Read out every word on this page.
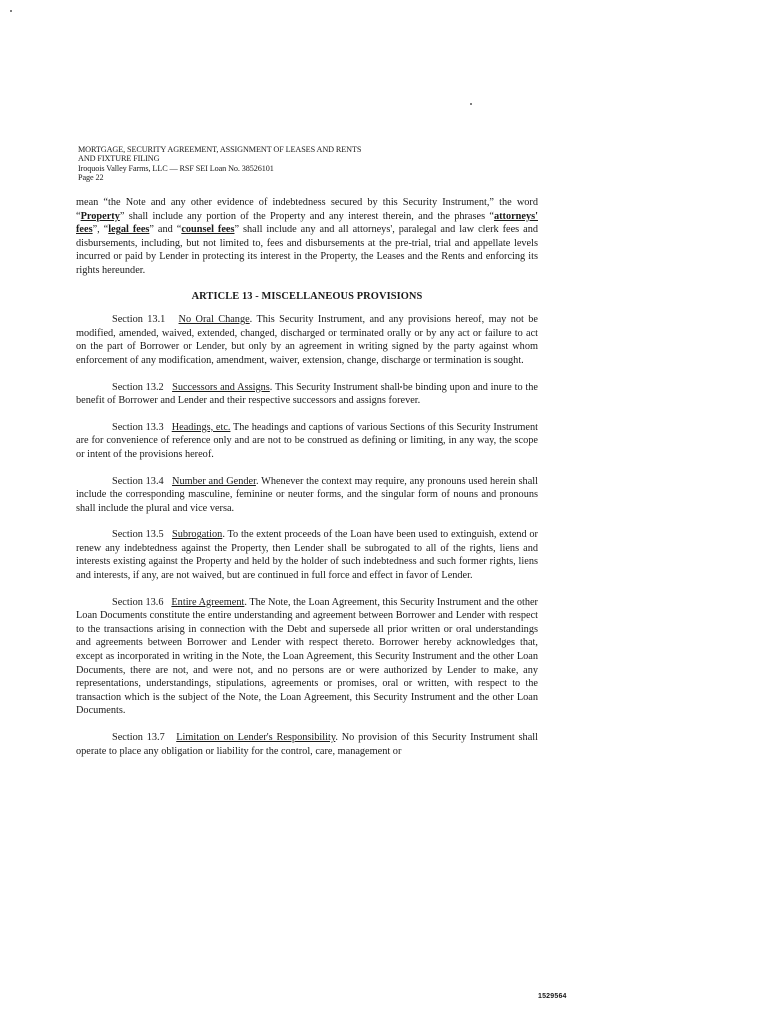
MORTGAGE, SECURITY AGREEMENT, ASSIGNMENT OF LEASES AND RENTS
AND FIXTURE FILING
Iroquois Valley Farms, LLC — RSF SEI Loan No. 38526101
Page 22

mean “the Note and any other evidence of indebtedness secured by this Security Instrument,” the word “Property” shall include any portion of the Property and any interest therein, and the phrases “attorneys' fees”, “legal fees” and “counsel fees” shall include any and all attorneys', paralegal and law clerk fees and disbursements, including, but not limited to, fees and disbursements at the pre-trial, trial and appellate levels incurred or paid by Lender in protecting its interest in the Property, the Leases and the Rents and enforcing its rights hereunder.

ARTICLE 13 - MISCELLANEOUS PROVISIONS

Section 13.1 No Oral Change. This Security Instrument, and any provisions hereof, may not be modified, amended, waived, extended, changed, discharged or terminated orally or by any act or failure to act on the part of Borrower or Lender, but only by an agreement in writing signed by the party against whom enforcement of any modification, amendment, waiver, extension, change, discharge or termination is sought.

Section 13.2 Successors and Assigns. This Security Instrument shall be binding upon and inure to the benefit of Borrower and Lender and their respective successors and assigns forever.

Section 13.3 Headings, etc. The headings and captions of various Sections of this Security Instrument are for convenience of reference only and are not to be construed as defining or limiting, in any way, the scope or intent of the provisions hereof.

Section 13.4 Number and Gender. Whenever the context may require, any pronouns used herein shall include the corresponding masculine, feminine or neuter forms, and the singular form of nouns and pronouns shall include the plural and vice versa.

Section 13.5 Subrogation. To the extent proceeds of the Loan have been used to extinguish, extend or renew any indebtedness against the Property, then Lender shall be subrogated to all of the rights, liens and interests existing against the Property and held by the holder of such indebtedness and such former rights, liens and interests, if any, are not waived, but are continued in full force and effect in favor of Lender.

Section 13.6 Entire Agreement. The Note, the Loan Agreement, this Security Instrument and the other Loan Documents constitute the entire understanding and agreement between Borrower and Lender with respect to the transactions arising in connection with the Debt and supersede all prior written or oral understandings and agreements between Borrower and Lender with respect thereto. Borrower hereby acknowledges that, except as incorporated in writing in the Note, the Loan Agreement, this Security Instrument and the other Loan Documents, there are not, and were not, and no persons are or were authorized by Lender to make, any representations, understandings, stipulations, agreements or promises, oral or written, with respect to the transaction which is the subject of the Note, the Loan Agreement, this Security Instrument and the other Loan Documents.

Section 13.7 Limitation on Lender's Responsibility. No provision of this Security Instrument shall operate to place any obligation or liability for the control, care, management or

1529564
